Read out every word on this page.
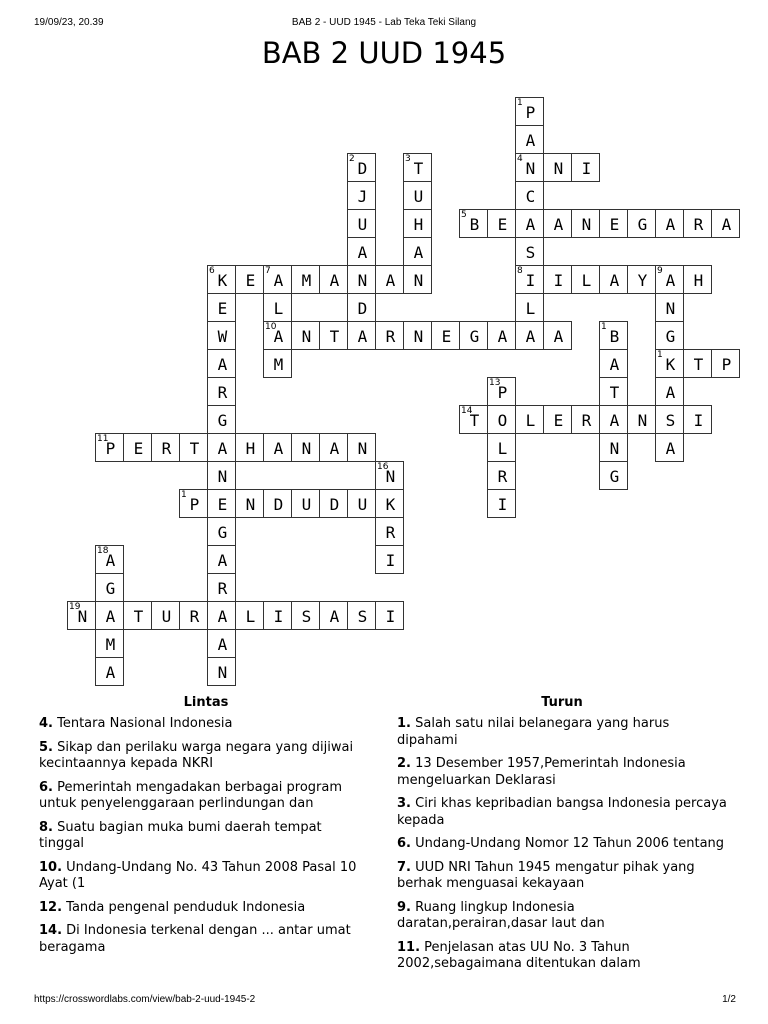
19/09/23, 20.39	BAB 2 - UUD 1945 - Lab Teka Teki Silang
BAB 2 UUD 1945
1 P
A
4 N
C
A
S
8 I
L
A
2 D
J
U
A
N
D
A
3 T
U
H
A
N
N	I
5 B	E	A	N	E	G	A	R	A
6 K	E	7 A	M	A	A
E
W
A
R
G
A
N
E
G
A
R
A
A
N
L
10
A
M
I	L	A	Y	9 A	H
N
G
1 K
A
S
A
N	T	R	N	E	G	A	A	1 B
A
T
A
N
G
T	P
13
P
O
L
R
I
14
T	L	E	R	N	I
11
P	E	R	T	H	A	N	A	N
16
N
K
R
I
1 P	N	D	U	D	U
18
A
G
A
M
A
19
N	T	U	R	L	I	S	A	S	I
Lintas	Turun
4. Tentara Nasional Indonesia
5. Sikap dan perilaku warga negara yang dijiwai kecintaannya kepada NKRI
6. Pemerintah mengadakan berbagai program untuk penyelenggaraan perlindungan dan
8. Suatu bagian muka bumi daerah tempat tinggal
10. Undang-Undang No. 43 Tahun 2008 Pasal 10 Ayat (1
12. Tanda pengenal penduduk Indonesia
14. Di Indonesia terkenal dengan ... antar umat beragama
1. Salah satu nilai belanegara yang harus dipahami
2. 13 Desember 1957,Pemerintah Indonesia mengeluarkan Deklarasi
3. Ciri khas kepribadian bangsa Indonesia percaya kepada
6. Undang-Undang Nomor 12 Tahun 2006 tentang
7. UUD NRI Tahun 1945 mengatur pihak yang berhak menguasai kekayaan
9. Ruang lingkup Indonesia daratan,perairan,dasar laut dan
11. Penjelasan atas UU No. 3 Tahun 2002,sebagaimana ditentukan dalam
https://crosswordlabs.com/view/bab-2-uud-1945-2	1/2
